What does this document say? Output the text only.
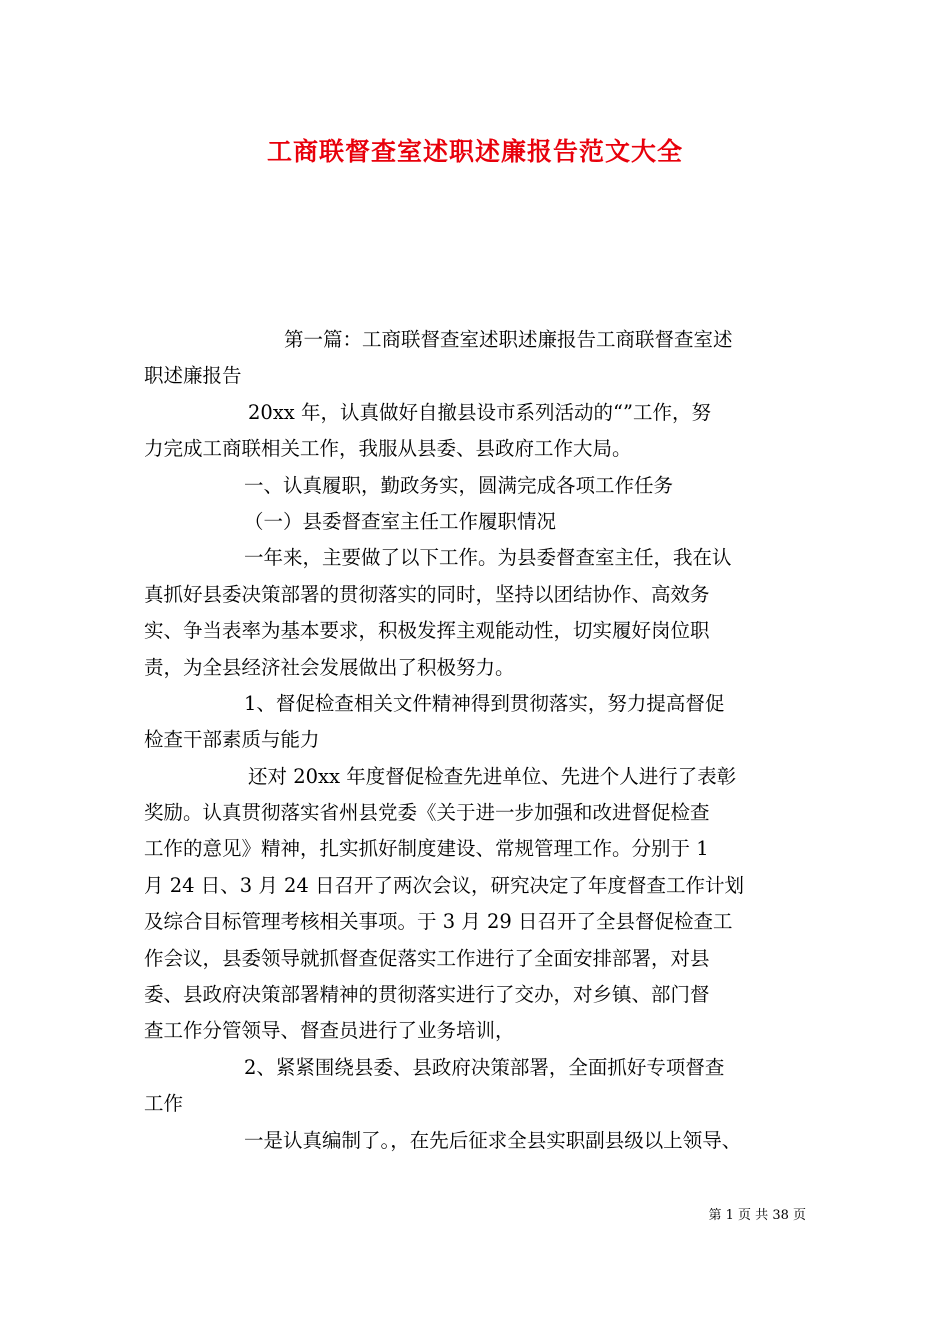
工商联督查室述职述廉报告范文大全
第一篇：工商联督查室述职述廉报告工商联督查室述
职述廉报告
20xx 年，认真做好自撤县设市系列活动的“”工作，努
力完成工商联相关工作，我服从县委、县政府工作大局。
一、认真履职，勤政务实，圆满完成各项工作任务
（一）县委督查室主任工作履职情况
一年来，主要做了以下工作。为县委督查室主任，我在认
真抓好县委决策部署的贯彻落实的同时，坚持以团结协作、高效务
实、争当表率为基本要求，积极发挥主观能动性，切实履好岗位职
责，为全县经济社会发展做出了积极努力。
1、督促检查相关文件精神得到贯彻落实，努力提高督促
检查干部素质与能力
还对 20xx 年度督促检查先进单位、先进个人进行了表彰
奖励。认真贯彻落实省州县党委《关于进一步加强和改进督促检查
工作的意见》精神，扎实抓好制度建设、常规管理工作。分别于 1
月 24 日、3 月 24 日召开了两次会议，研究决定了年度督查工作计划
及综合目标管理考核相关事项。于 3 月 29 日召开了全县督促检查工
作会议，县委领导就抓督查促落实工作进行了全面安排部署，对县
委、县政府决策部署精神的贯彻落实进行了交办，对乡镇、部门督
查工作分管领导、督查员进行了业务培训，
2、紧紧围绕县委、县政府决策部署，全面抓好专项督查
工作
一是认真编制了。，在先后征求全县实职副县级以上领导、
第 1 页 共 38 页
